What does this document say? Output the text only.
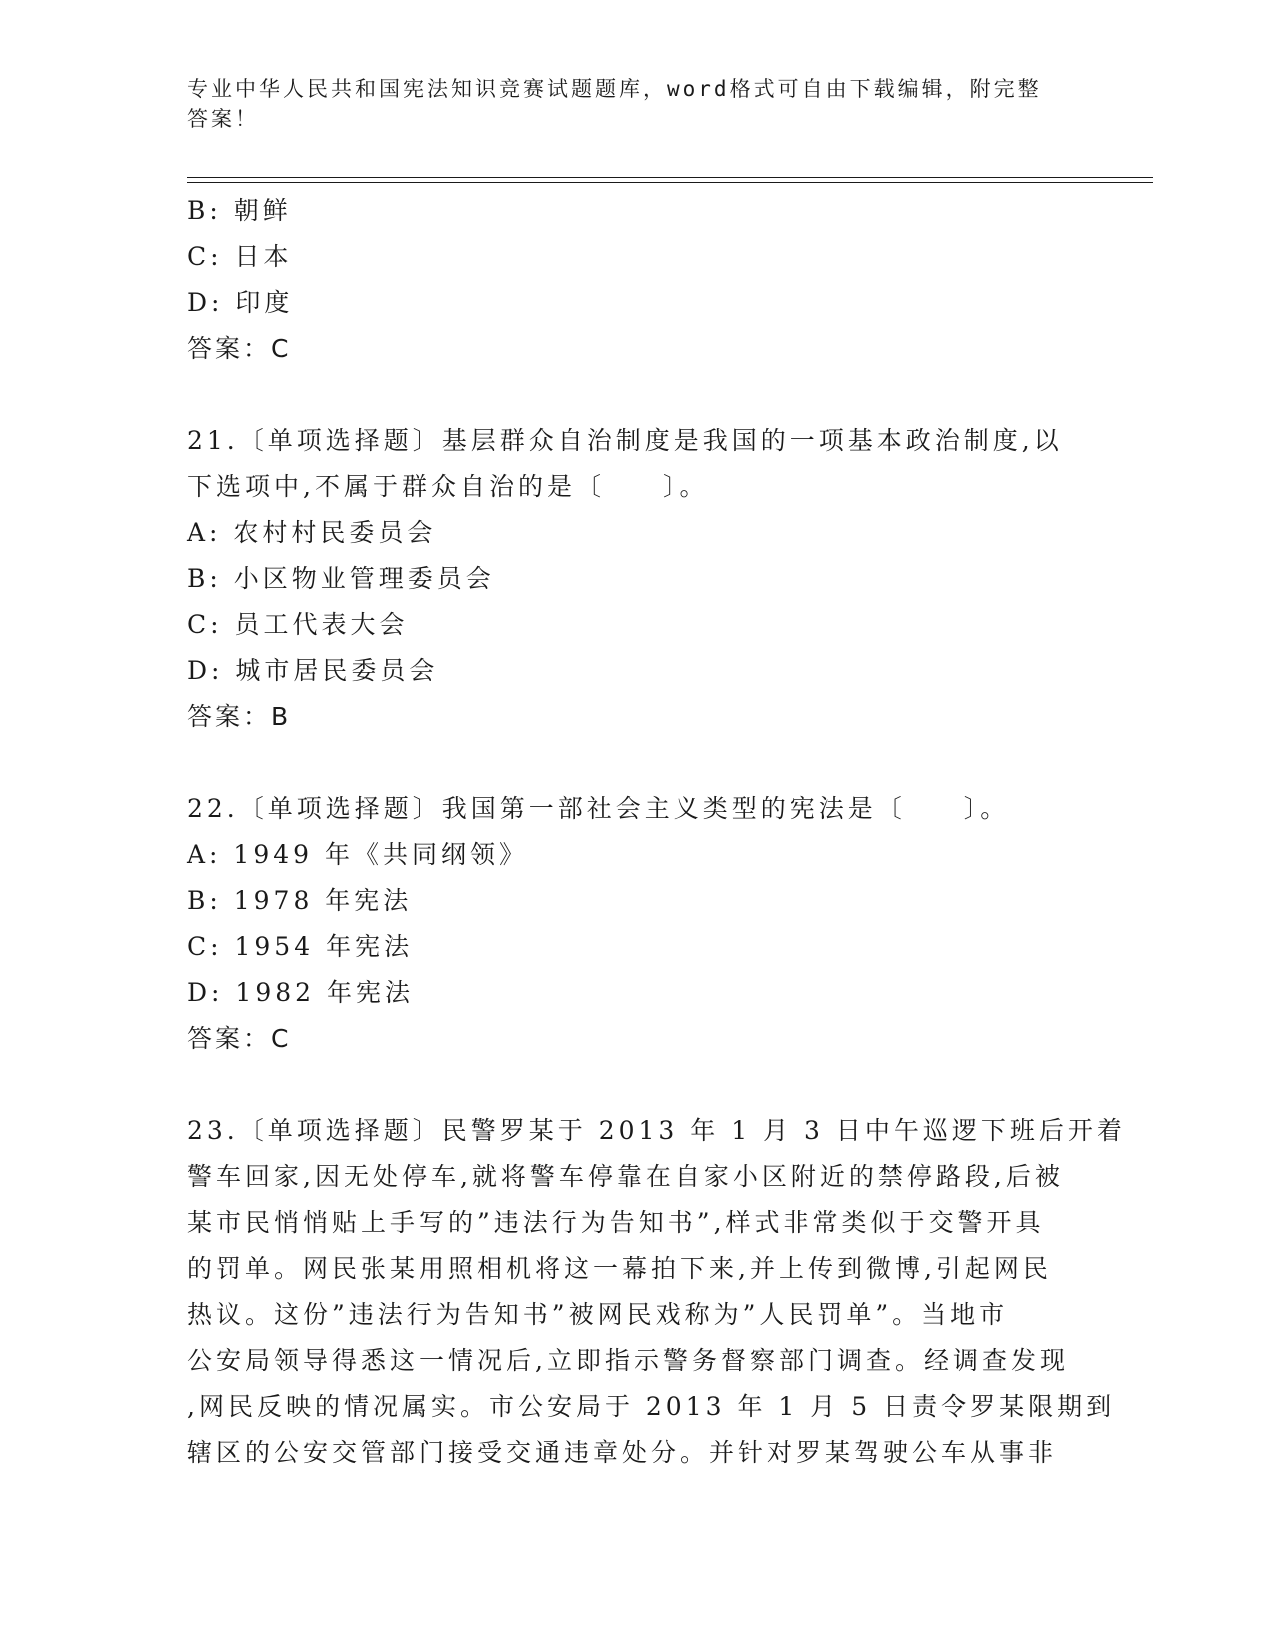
专业中华人民共和国宪法知识竞赛试题题库，word格式可自由下载编辑，附完整
答案！
B: 朝鲜
C: 日本
D: 印度
答案：C
21.〔单项选择题〕基层群众自治制度是我国的一项基本政治制度,以
下选项中,不属于群众自治的是〔　　〕。
A: 农村村民委员会
B: 小区物业管理委员会
C: 员工代表大会
D: 城市居民委员会
答案：B
22.〔单项选择题〕我国第一部社会主义类型的宪法是〔　　〕。
A: 1949 年《共同纲领》
B: 1978 年宪法
C: 1954 年宪法
D: 1982 年宪法
答案：C
23.〔单项选择题〕民警罗某于 2013 年 1 月 3 日中午巡逻下班后开着
警车回家,因无处停车,就将警车停靠在自家小区附近的禁停路段,后被
某市民悄悄贴上手写的”违法行为告知书”,样式非常类似于交警开具
的罚单。网民张某用照相机将这一幕拍下来,并上传到微博,引起网民
热议。这份”违法行为告知书”被网民戏称为”人民罚单”。当地市
公安局领导得悉这一情况后,立即指示警务督察部门调查。经调查发现
,网民反映的情况属实。市公安局于 2013 年 1 月 5 日责令罗某限期到
辖区的公安交管部门接受交通违章处分。并针对罗某驾驶公车从事非
